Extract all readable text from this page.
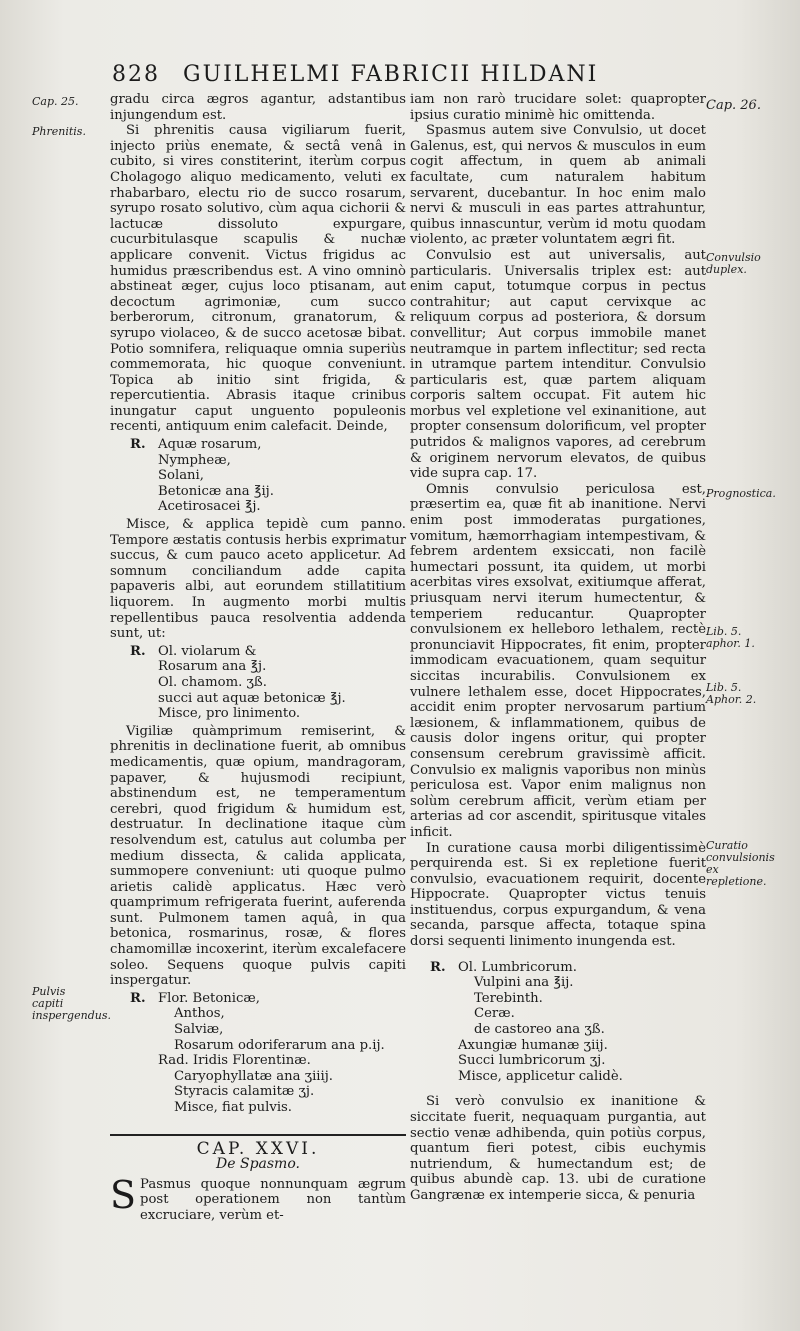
828 GUILHELMI FABRICII HILDANI
Cap. 25.
Phrenitis.
Pulvis capiti inspergendus.
Cap. 26.
Convulsio duplex.
Prognostica.
Lib. 5. aphor. 1.
Lib. 5. Aphor. 2.
Curatio convulsionis ex repletione.

gradu circa ægros agantur, adstantibus injungendum est.

Si phrenitis causa vigiliarum fuerit, injecto priùs enemate, & sectâ venâ in cubito, si vires constiterint, iterùm corpus Cholagogo aliquo medicamento, veluti ex rhabarbaro, electu rio de succo rosarum, syrupo rosato solutivo, cùm aqua cichorii & lactucæ dissoluto expurgare, cucurbitulasque scapulis & nuchæ applicare convenit. Victus frigidus ac humidus præscribendus est. A vino omninò abstineat æger, cujus loco ptisanam, aut decoctum agrimoniæ, cum succo berberorum, citronum, granatorum, & syrupo violaceo, & de succo acetosæ bibat. Potio somnifera, reliquaque omnia superiùs commemorata, hic quoque conveniunt. Topica ab initio sint frigida, & repercutientia. Abrasis itaque crinibus inungatur caput unguento populeonis recenti, antiquum enim calefacit. Deinde,

R. Aquæ rosarum,
Nympheæ,
Solani,
Betonicæ ana ℥ij.
Acetirosacei ℥j.

Misce, & applica tepidè cum panno. Tempore æstatis contusis herbis exprimatur succus, & cum pauco aceto applicetur. Ad somnum conciliandum adde capita papaveris albi, aut eorundem stillatitium liquorem. In augmento morbi multis repellentibus pauca resolventia addenda sunt, ut:

R. Ol. violarum &
Rosarum ana ℥j.
Ol. chamom. ʒß.
succi aut aquæ betonicæ ℥j.
Misce, pro linimento.

Vigiliæ quàmprimum remiserint, & phrenitis in declinatione fuerit, ab omnibus medicamentis, quæ opium, mandragoram, papaver, & hujusmodi recipiunt, abstinendum est, ne temperamentum cerebri, quod frigidum & humidum est, destruatur. In declinatione itaque cùm resolvendum est, catulus aut columba per medium dissecta, & calida applicata, summopere conveniunt: uti quoque pulmo arietis calidè applicatus. Hæc verò quamprimum refrigerata fuerint, auferenda sunt. Pulmonem tamen aquâ, in qua betonica, rosmarinus, rosæ, & flores chamomillæ incoxerint, iterùm excalefacere soleo. Sequens quoque pulvis capiti inspergatur.

R. Flor. Betonicæ,
Anthos,
Salviæ,
Rosarum odoriferarum ana p.ij.
Rad. Iridis Florentinæ.
Caryophyllatæ ana ʒiiij.
Styracis calamitæ ʒj.
Misce, fiat pulvis.
CAP. XXVI.
De Spasmo.

S Pasmus quoque nonnunquam ægrum post operationem non tantùm excruciare, verùm et-

iam non rarò trucidare solet: quapropter ipsius curatio minimè hic omittenda.

Spasmus autem sive Convulsio, ut docet Galenus, est, qui nervos & musculos in eum cogit affectum, in quem ab animali facultate, cum naturalem habitum servarent, ducebantur. In hoc enim malo nervi & musculi in eas partes attrahuntur, quibus innascuntur, verùm id motu quodam violento, ac præter voluntatem ægri fit.

Convulsio est aut universalis, aut particularis. Universalis triplex est: aut enim caput, totumque corpus in pectus contrahitur; aut caput cervixque ac reliquum corpus ad posteriora, & dorsum convellitur; Aut corpus immobile manet neutramque in partem inflectitur; sed recta in utramque partem intenditur. Convulsio particularis est, quæ partem aliquam corporis saltem occupat. Fit autem hic morbus vel expletione vel exinanitione, aut propter consensum dolorificum, vel propter putridos & malignos vapores, ad cerebrum & originem nervorum elevatos, de quibus vide supra cap. 17.

Omnis convulsio periculosa est, præsertim ea, quæ fit ab inanitione. Nervi enim post immoderatas purgationes, vomitum, hæmorrhagiam intempestivam, & febrem ardentem exsiccati, non facilè humectari possunt, ita quidem, ut morbi acerbitas vires exsolvat, exitiumque afferat, priusquam nervi iterum humectentur, & temperiem reducantur. Quapropter convulsionem ex helleboro lethalem, rectè pronunciavit Hippocrates, fit enim, propter immodicam evacuationem, quam sequitur siccitas incurabilis. Convulsionem ex vulnere lethalem esse, docet Hippocrates, accidit enim propter nervosarum partium læsionem, & inflammationem, quibus de causis dolor ingens oritur, qui propter consensum cerebrum gravissimè afficit. Convulsio ex malignis vaporibus non minùs periculosa est. Vapor enim malignus non solùm cerebrum afficit, verùm etiam per arterias ad cor ascendit, spiritusque vitales inficit.

In curatione causa morbi diligentissimè perquirenda est. Si ex repletione fuerit convulsio, evacuationem requirit, docente Hippocrate. Quapropter victus tenuis instituendus, corpus expurgandum, & vena secanda, parsque affecta, totaque spina dorsi sequenti linimento inungenda est.

R. Ol. Lumbricorum.
Vulpini ana ℥ij.
Terebinth.
Ceræ.
de castoreo ana ʒß.
Axungiæ humanæ ʒiij.
Succi lumbricorum ʒj.
Misce, applicetur calidè.

Si verò convulsio ex inanitione & siccitate fuerit, nequaquam purgantia, aut sectio venæ adhibenda, quin potiùs corpus, quantum fieri potest, cibis euchymis nutriendum, & humectandum est; de quibus abundè cap. 13. ubi de curatione Gangrænæ ex intemperie sicca, & penuria
